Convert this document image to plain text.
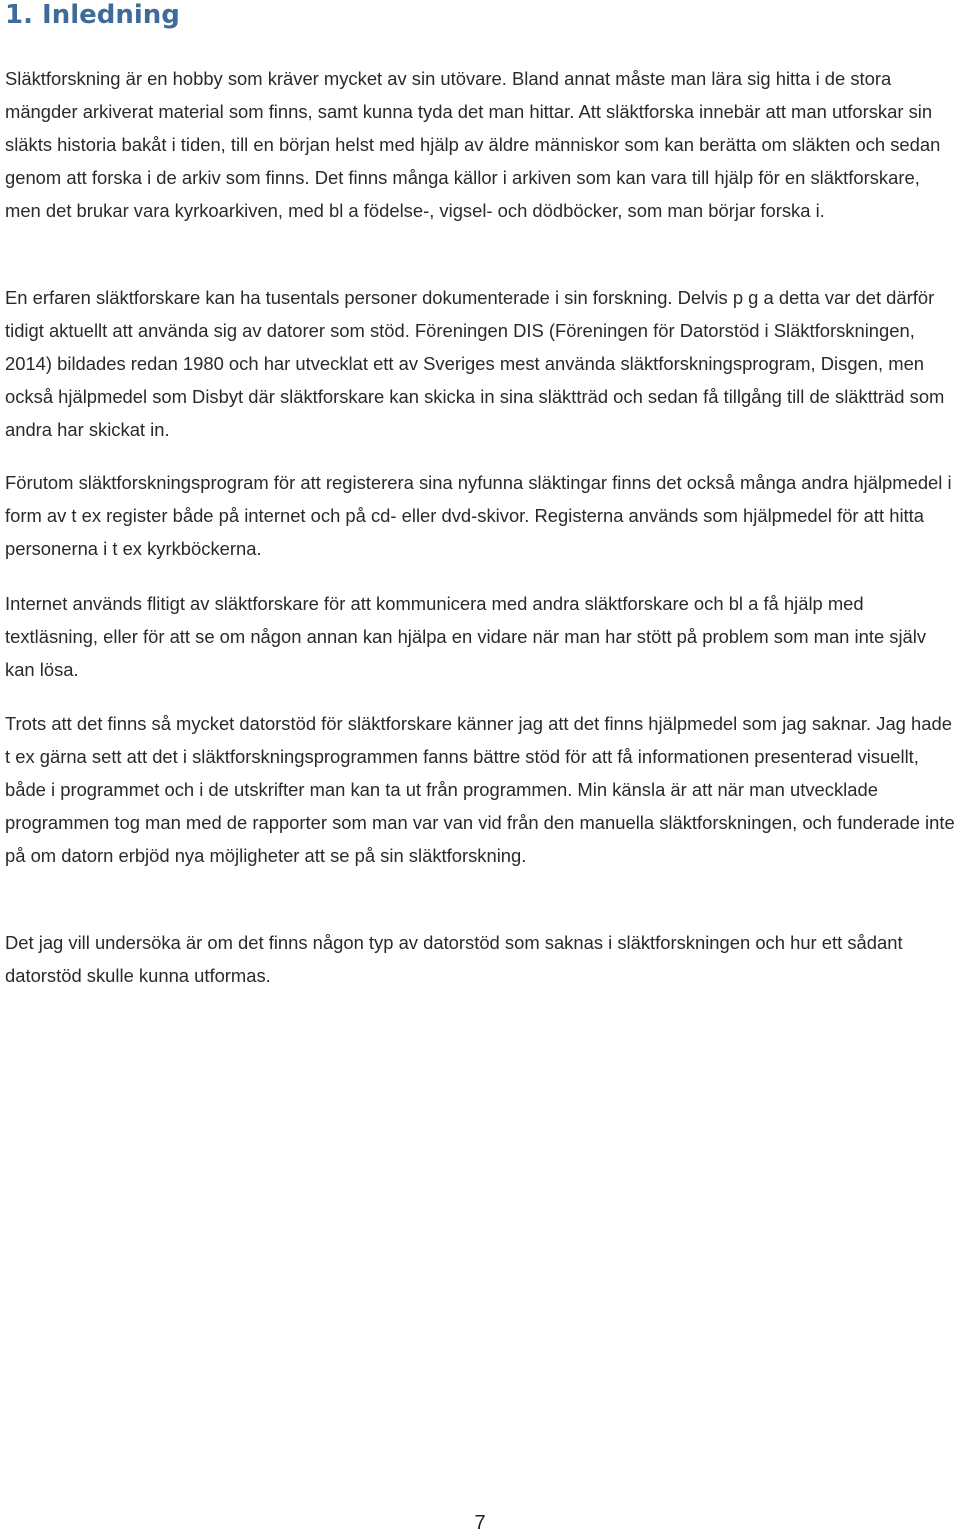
1. Inledning

Släktforskning är en hobby som kräver mycket av sin utövare. Bland annat måste man lära sig hitta i de stora mängder arkiverat material som finns, samt kunna tyda det man hittar. Att släktforska innebär att man utforskar sin släkts historia bakåt i tiden, till en början helst med hjälp av äldre människor som kan berätta om släkten och sedan genom att forska i de arkiv som finns. Det finns många källor i arkiven som kan vara till hjälp för en släktforskare, men det brukar vara kyrkoarkiven, med bl a födelse-, vigsel- och dödböcker, som man börjar forska i.

En erfaren släktforskare kan ha tusentals personer dokumenterade i sin forskning. Delvis p g a detta var det därför tidigt aktuellt att använda sig av datorer som stöd. Föreningen DIS (Föreningen för Datorstöd i Släktforskningen, 2014) bildades redan 1980 och har utvecklat ett av Sveriges mest använda släktforskningsprogram, Disgen, men också hjälpmedel som Disbyt där släktforskare kan skicka in sina släktträd och sedan få tillgång till de släktträd som andra har skickat in.

Förutom släktforskningsprogram för att registerera sina nyfunna släktingar finns det också många andra hjälpmedel i form av t ex register både på internet och på cd- eller dvd-skivor. Registerna används som hjälpmedel för att hitta personerna i t ex kyrkböckerna.

Internet används flitigt av släktforskare för att kommunicera med andra släktforskare och bl a få hjälp med textläsning, eller för att se om någon annan kan hjälpa en vidare när man har stött på problem som man inte själv kan lösa.

Trots att det finns så mycket datorstöd för släktforskare känner jag att det finns hjälpmedel som jag saknar. Jag hade t ex gärna sett att det i släktforskningsprogrammen fanns bättre stöd för att få informationen presenterad visuellt, både i programmet och i de utskrifter man kan ta ut från programmen. Min känsla är att när man utvecklade programmen tog man med de rapporter som man var van vid från den manuella släktforskningen, och funderade inte på om datorn erbjöd nya möjligheter att se på sin släktforskning.

Det jag vill undersöka är om det finns någon typ av datorstöd som saknas i släktforskningen och hur ett sådant datorstöd skulle kunna utformas.

7
